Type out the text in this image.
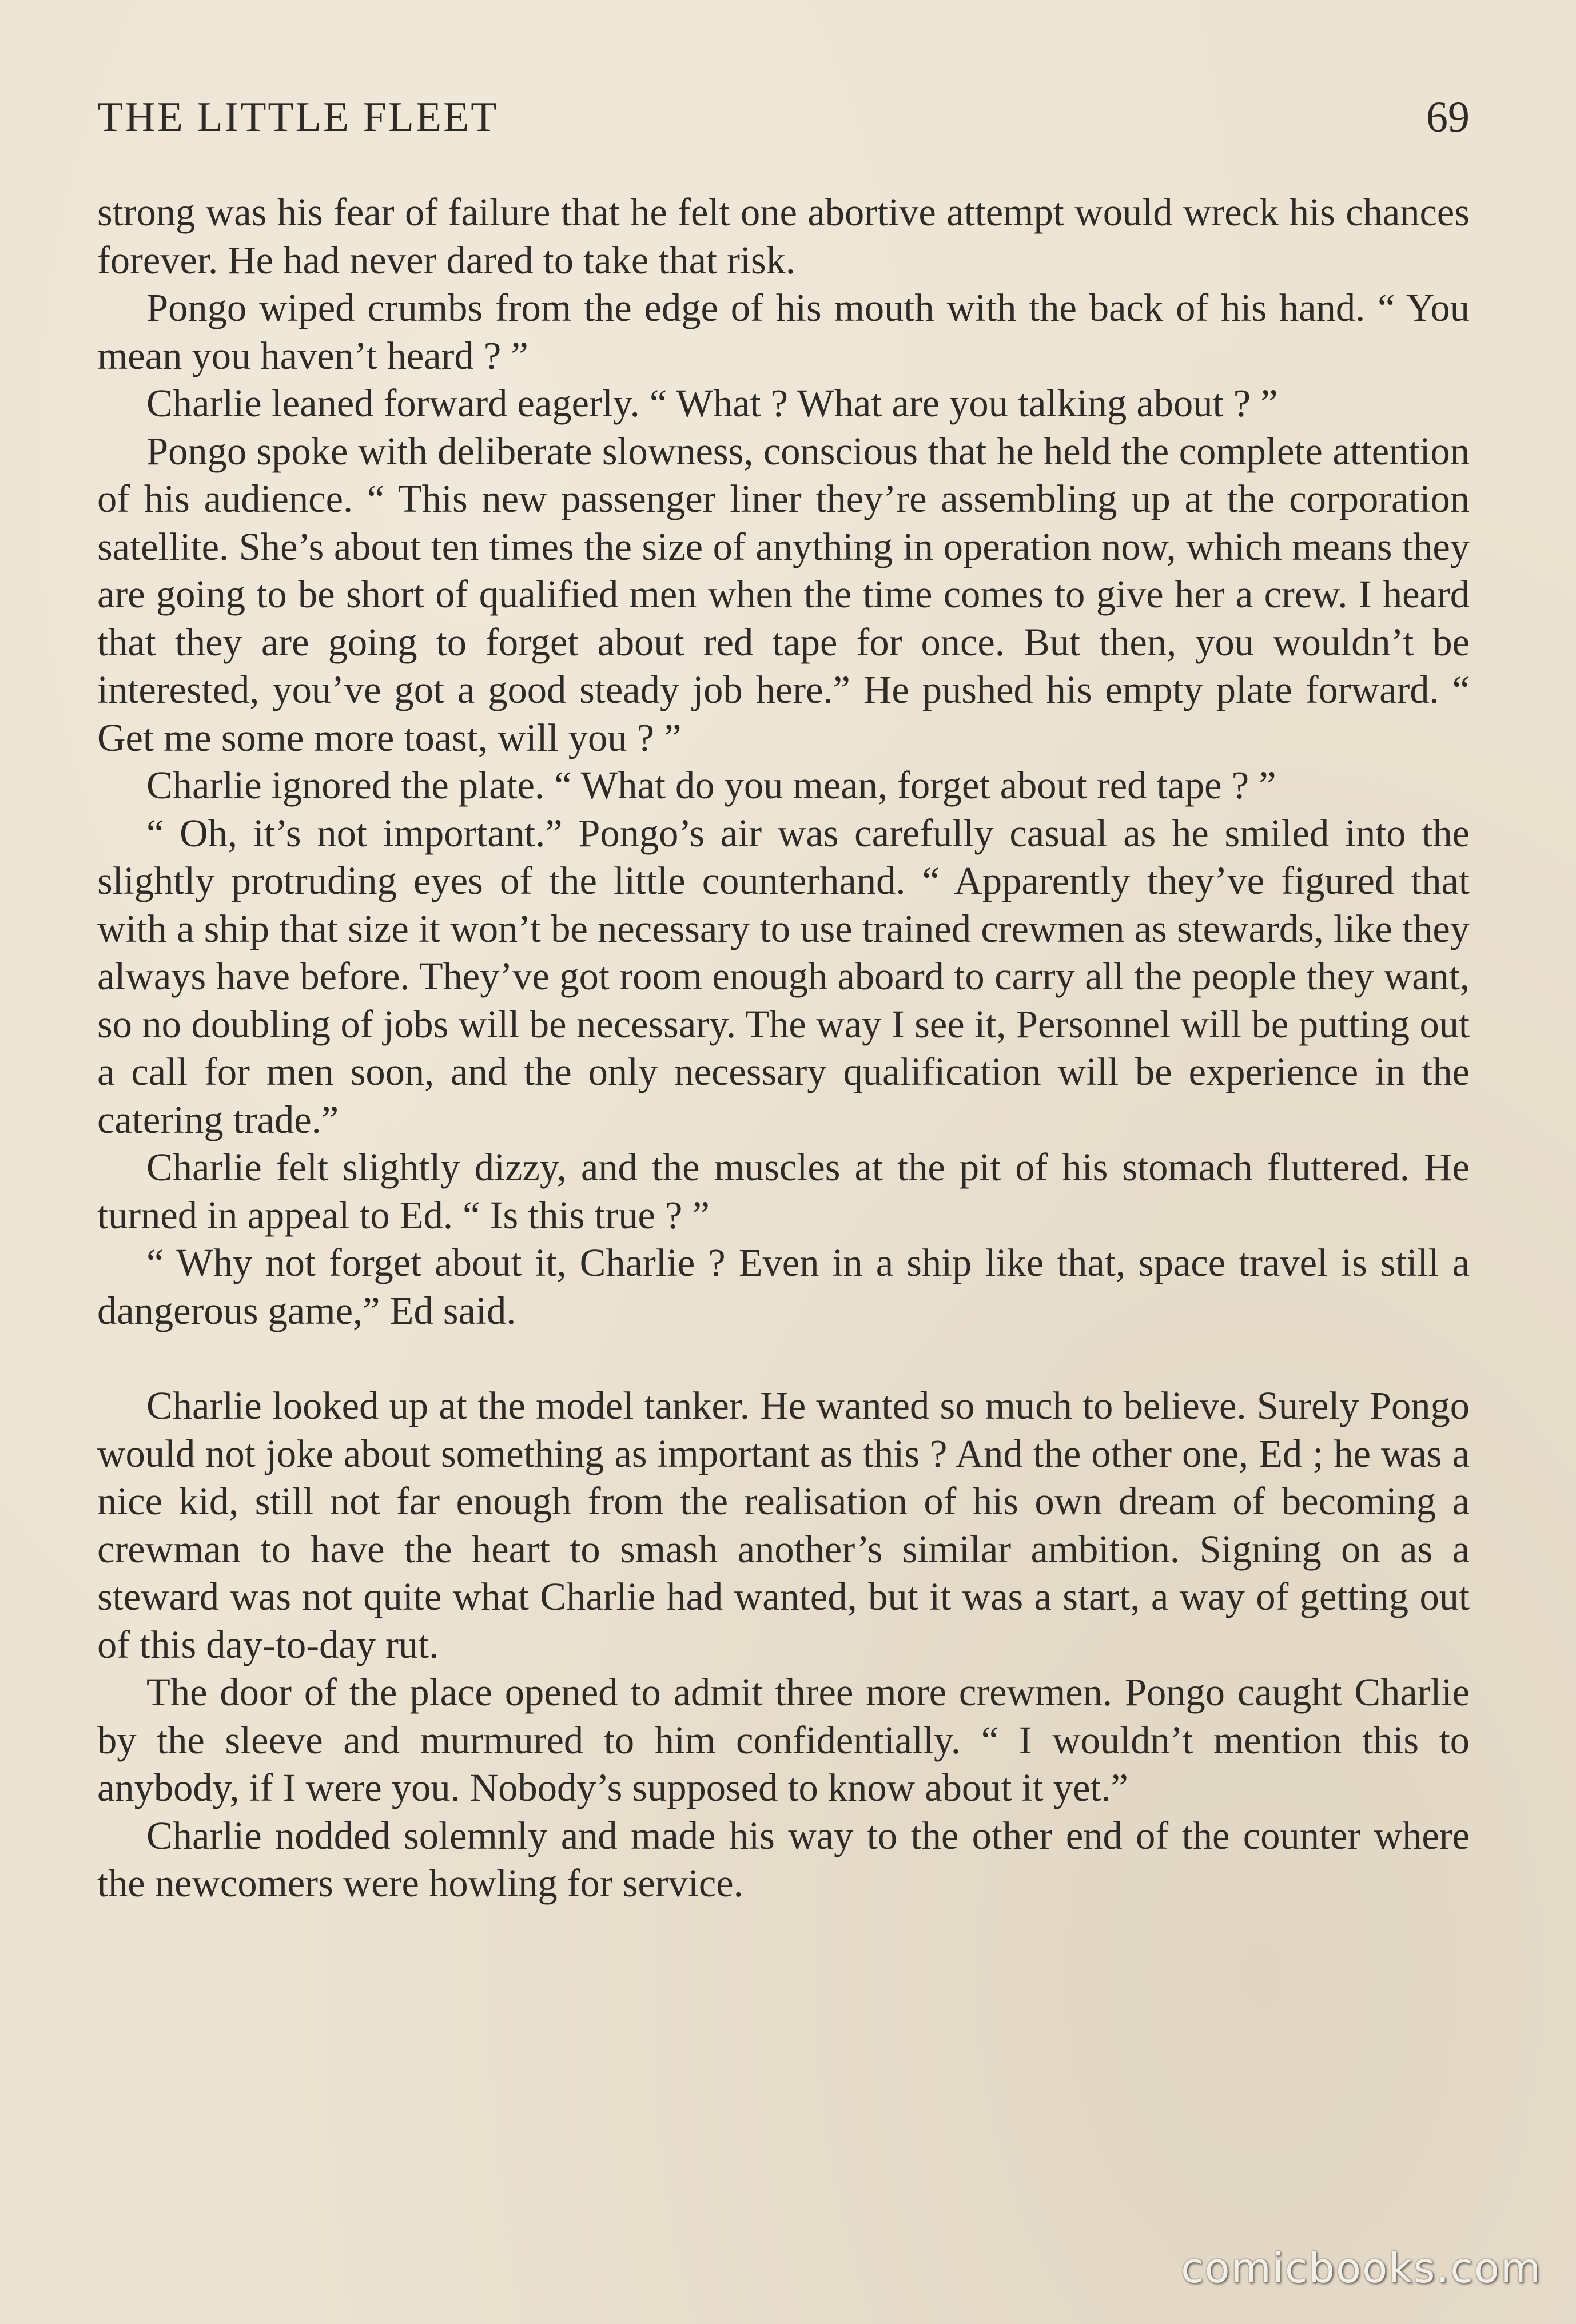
THE LITTLE FLEET	69

strong was his fear of failure that he felt one abortive attempt would wreck his chances forever. He had never dared to take that risk.

Pongo wiped crumbs from the edge of his mouth with the back of his hand. “ You mean you haven’t heard ? ”

Charlie leaned forward eagerly. “ What ? What are you talking about ? ”

Pongo spoke with deliberate slowness, conscious that he held the complete attention of his audience. “ This new passenger liner they’re assembling up at the corporation satellite. She’s about ten times the size of anything in operation now, which means they are going to be short of qualified men when the time comes to give her a crew. I heard that they are going to forget about red tape for once. But then, you wouldn’t be interested, you’ve got a good steady job here.” He pushed his empty plate forward. “ Get me some more toast, will you ? ”

Charlie ignored the plate. “ What do you mean, forget about red tape ? ”

“ Oh, it’s not important.” Pongo’s air was carefully casual as he smiled into the slightly protruding eyes of the little counterhand. “ Apparently they’ve figured that with a ship that size it won’t be necessary to use trained crewmen as stewards, like they always have before. They’ve got room enough aboard to carry all the people they want, so no doubling of jobs will be necessary. The way I see it, Personnel will be putting out a call for men soon, and the only necessary qualification will be experience in the catering trade.”

Charlie felt slightly dizzy, and the muscles at the pit of his stomach fluttered. He turned in appeal to Ed. “ Is this true ? ”

“ Why not forget about it, Charlie ? Even in a ship like that, space travel is still a dangerous game,” Ed said.

Charlie looked up at the model tanker. He wanted so much to believe. Surely Pongo would not joke about something as important as this ? And the other one, Ed ; he was a nice kid, still not far enough from the realisation of his own dream of becoming a crewman to have the heart to smash another’s similar ambition. Signing on as a steward was not quite what Charlie had wanted, but it was a start, a way of getting out of this day-to-day rut.

The door of the place opened to admit three more crewmen. Pongo caught Charlie by the sleeve and murmured to him confidentially. “ I wouldn’t mention this to anybody, if I were you. Nobody’s supposed to know about it yet.”

Charlie nodded solemnly and made his way to the other end of the counter where the newcomers were howling for service.

comicbooks.com
